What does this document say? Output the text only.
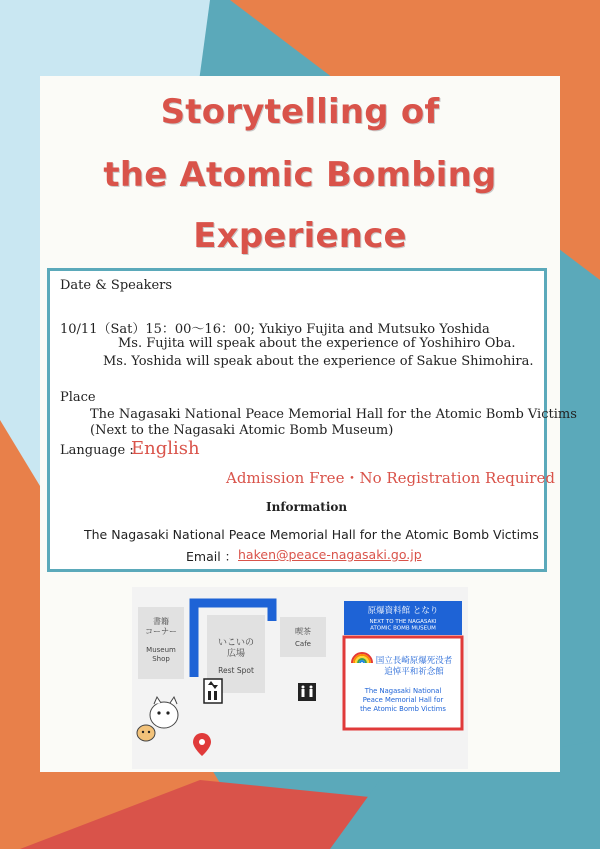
Storytelling of
the Atomic Bombing
Experience
Date & Speakers
10/11（Sat）15：00～16：00; Yukiyo Fujita and Mutsuko Yoshida
Ms. Fujita will speak about the experience of Yoshihiro Oba.
Ms. Yoshida will speak about the experience of Sakue Shimohira.
Place
The Nagasaki National Peace Memorial Hall for the Atomic Bomb Victims
(Next to the Nagasaki Atomic Bomb Museum)
Language :
English
Admission Free・No Registration Required
Information
The Nagasaki National Peace Memorial Hall for the Atomic Bomb Victims
Email ： haken@peace-nagasaki.go.jp
書籍コーナー
Museum Shop
いこいの広場
Rest Spot
喫茶
Cafe
原爆資料館 となり
NEXT TO THE NAGASAKI ATOMIC BOMB MUSEUM
国立長崎原爆死没者追悼平和祈念館
The Nagasaki National Peace Memorial Hall for the Atomic Bomb Victims
